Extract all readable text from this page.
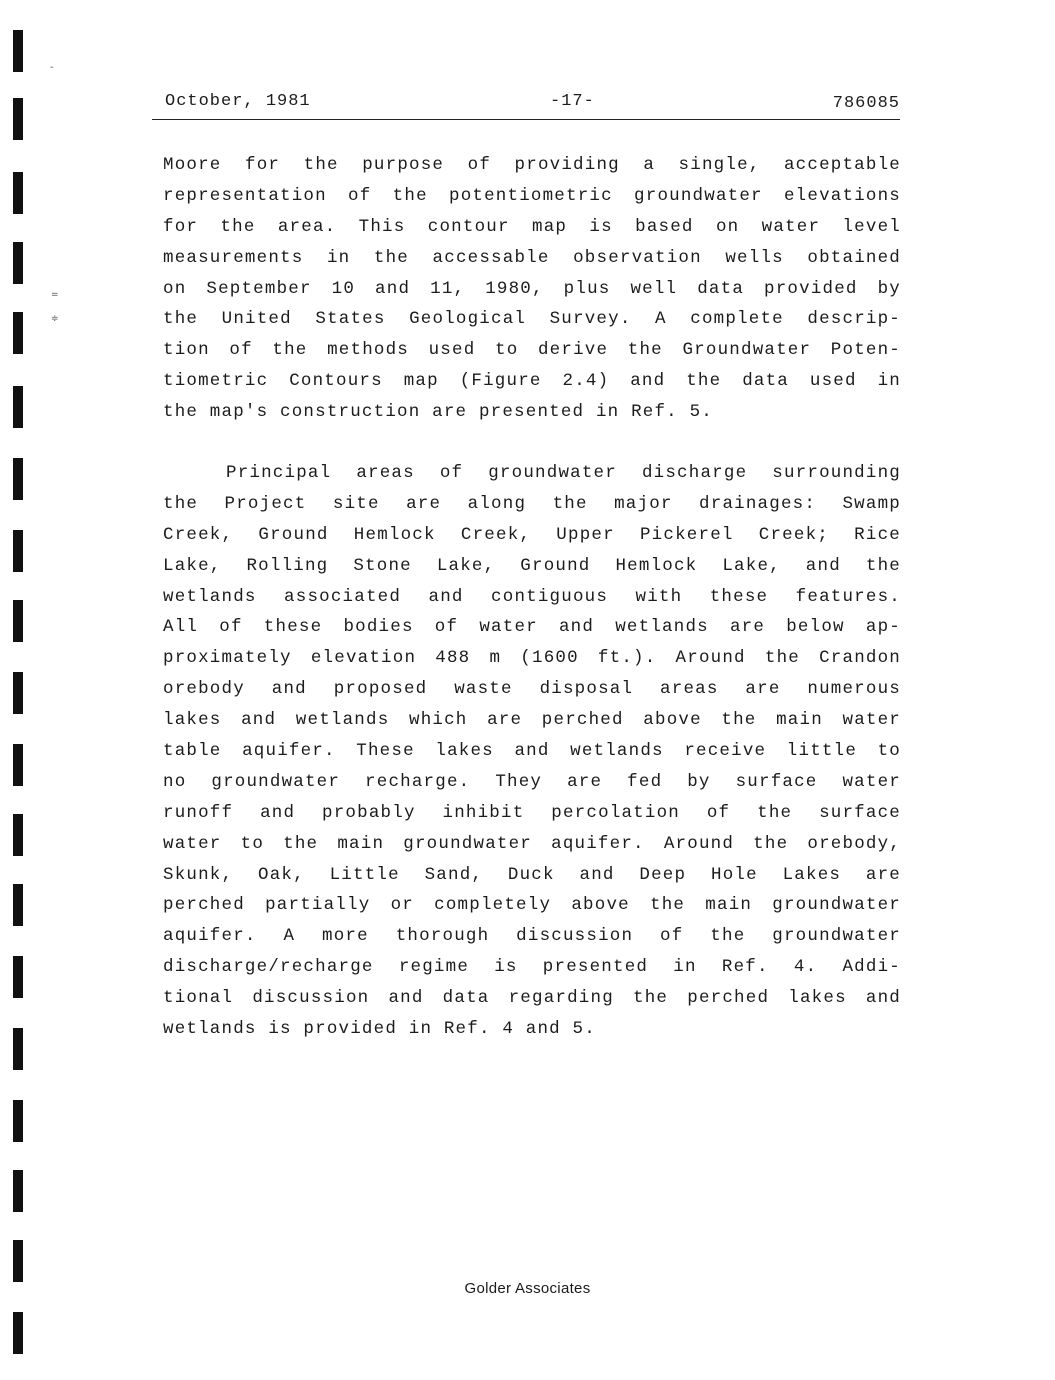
-
=
≑
October, 1981	-17-	786085
Moore for the purpose of providing a single, acceptable
representation of the potentiometric groundwater elevations
for the area. This contour map is based on water level
measurements in the accessable observation wells obtained
on September 10 and 11, 1980, plus well data provided by
the United States Geological Survey. A complete descrip-
tion of the methods used to derive the Groundwater Poten-
tiometric Contours map (Figure 2.4) and the data used in
the map's construction are presented in Ref. 5.
Principal areas of groundwater discharge surrounding
the Project site are along the major drainages: Swamp
Creek, Ground Hemlock Creek, Upper Pickerel Creek; Rice
Lake, Rolling Stone Lake, Ground Hemlock Lake, and the
wetlands associated and contiguous with these features.
All of these bodies of water and wetlands are below ap-
proximately elevation 488 m (1600 ft.). Around the Crandon
orebody and proposed waste disposal areas are numerous
lakes and wetlands which are perched above the main water
table aquifer. These lakes and wetlands receive little to
no groundwater recharge. They are fed by surface water
runoff and probably inhibit percolation of the surface
water to the main groundwater aquifer. Around the orebody,
Skunk, Oak, Little Sand, Duck and Deep Hole Lakes are
perched partially or completely above the main groundwater
aquifer. A more thorough discussion of the groundwater
discharge/recharge regime is presented in Ref. 4. Addi-
tional discussion and data regarding the perched lakes and
wetlands is provided in Ref. 4 and 5.
Golder Associates
